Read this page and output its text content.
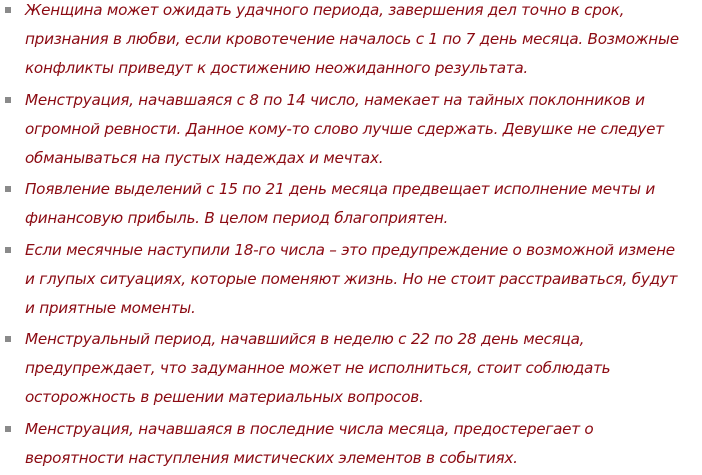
Женщина может ожидать удачного периода, завершения дел точно в срок, признания в любви, если кровотечение началось с 1 по 7 день месяца. Возможные конфликты приведут к достижению неожиданного результата.
Менструация, начавшаяся с 8 по 14 число, намекает на тайных поклонников и огромной ревности. Данное кому-то слово лучше сдержать. Девушке не следует обманываться на пустых надеждах и мечтах.
Появление выделений с 15 по 21 день месяца предвещает исполнение мечты и финансовую прибыль. В целом период благоприятен.
Если месячные наступили 18-го числа – это предупреждение о возможной измене и глупых ситуациях, которые поменяют жизнь. Но не стоит расстраиваться, будут и приятные моменты.
Менструальный период, начавшийся в неделю с 22 по 28 день месяца, предупреждает, что задуманное может не исполниться, стоит соблюдать осторожность в решении материальных вопросов.
Менструация, начавшаяся в последние числа месяца, предостерегает о вероятности наступления мистических элементов в событиях.
